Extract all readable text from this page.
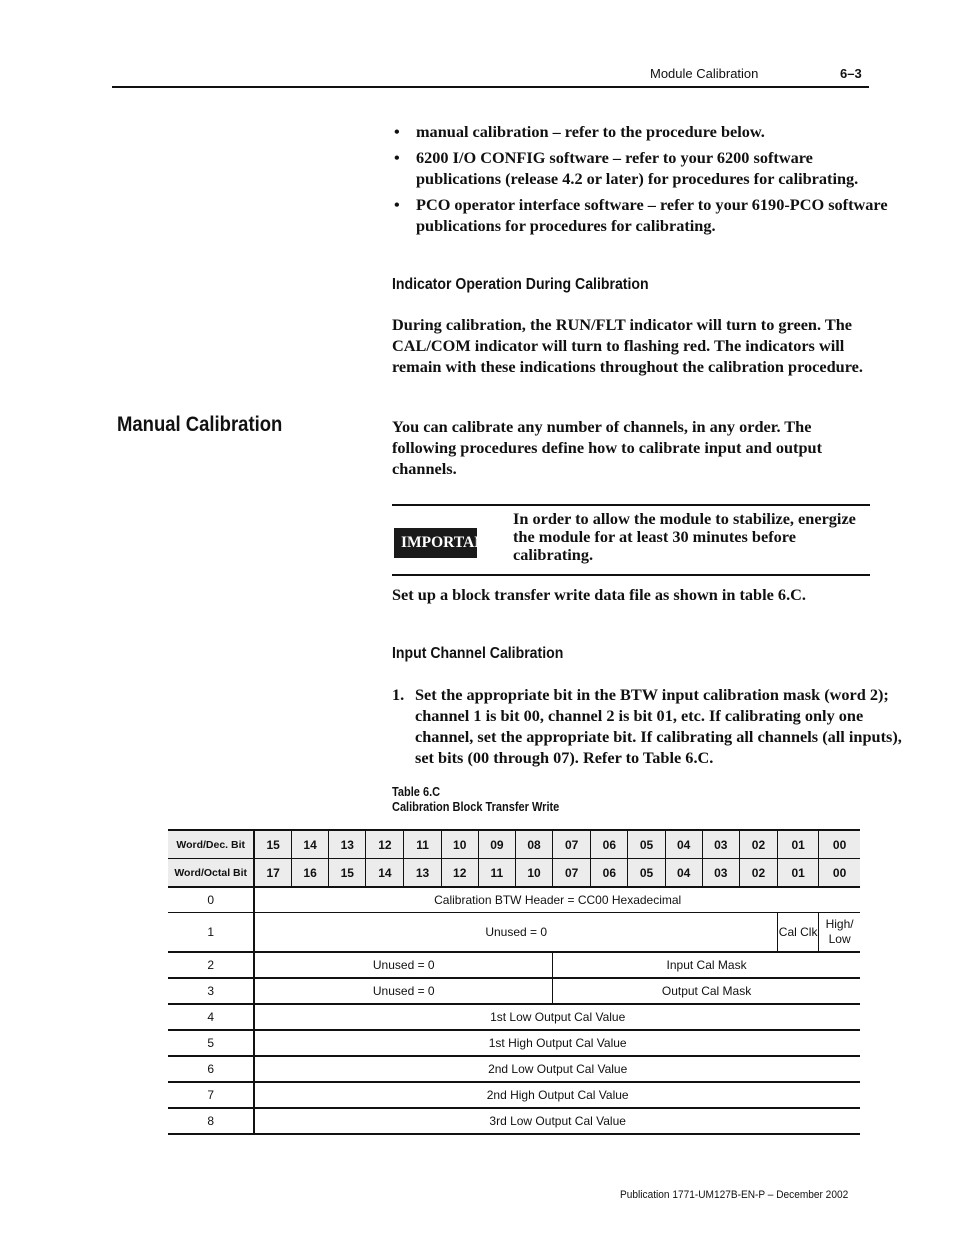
Module Calibration	6–3
• manual calibration – refer to the procedure below.
• 6200 I/O CONFIG software – refer to your 6200 software publications (release 4.2 or later) for procedures for calibrating.
• PCO operator interface software – refer to your 6190-PCO software publications for procedures for calibrating.
Indicator Operation During Calibration
During calibration, the RUN/FLT indicator will turn to green. The CAL/COM indicator will turn to flashing red. The indicators will remain with these indications throughout the calibration procedure.
Manual Calibration	You can calibrate any number of channels, in any order. The following procedures define how to calibrate input and output channels.
IMPORTANT
In order to allow the module to stabilize, energize the module for at least 30 minutes before calibrating.
Set up a block transfer write data file as shown in table 6.C.
Input Channel Calibration
1. Set the appropriate bit in the BTW input calibration mask (word 2); channel 1 is bit 00, channel 2 is bit 01, etc. If calibrating only one channel, set the appropriate bit. If calibrating all channels (all inputs), set bits (00 through 07). Refer to Table 6.C.
Table 6.C
Calibration Block Transfer Write
Word/Dec. Bit	15	14	13	12	11	10	09	08	07	06	05	04	03	02	01	00
Word/Octal Bit	17	16	15	14	13	12	11	10	07	06	05	04	03	02	01	00
0	Calibration BTW Header = CC00 Hexadecimal															
1	Unused = 0														Cal Clk	High/ Low
2	Unused = 0								Input Cal Mask							
3	Unused = 0								Output Cal Mask							
4	1st Low Output Cal Value															
5	1st High Output Cal Value															
6	2nd Low Output Cal Value															
7	2nd High Output Cal Value															
8	3rd Low Output Cal Value															
Publication 1771-UM127B-EN-P – December 2002
